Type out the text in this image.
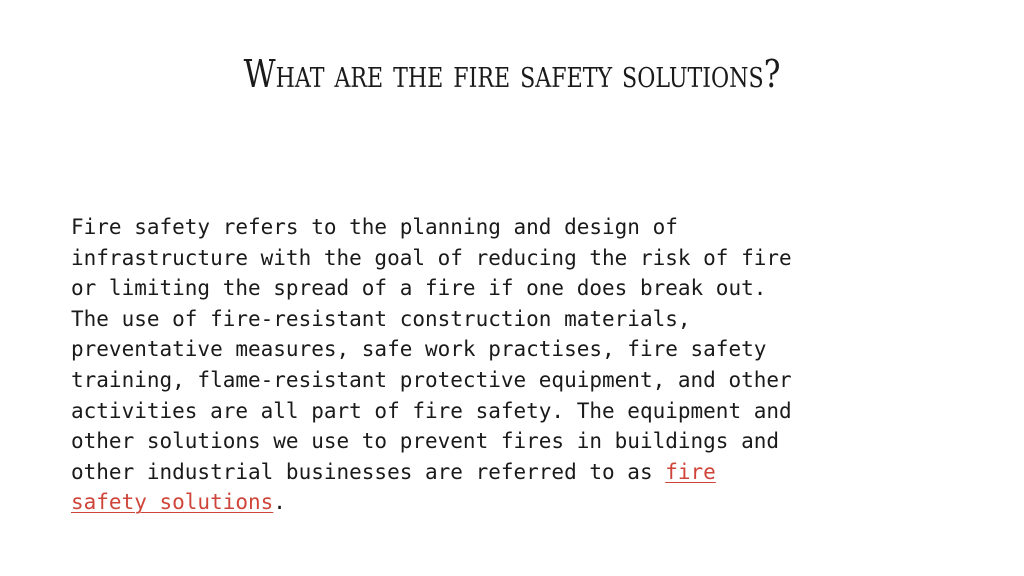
What are the fire safety solutions?
Fire safety refers to the planning and design of
infrastructure with the goal of reducing the risk of fire
or limiting the spread of a fire if one does break out.
The use of fire-resistant construction materials,
preventative measures, safe work practises, fire safety
training, flame-resistant protective equipment, and other
activities are all part of fire safety. The equipment and
other solutions we use to prevent fires in buildings and
other industrial businesses are referred to as fire
safety solutions.
